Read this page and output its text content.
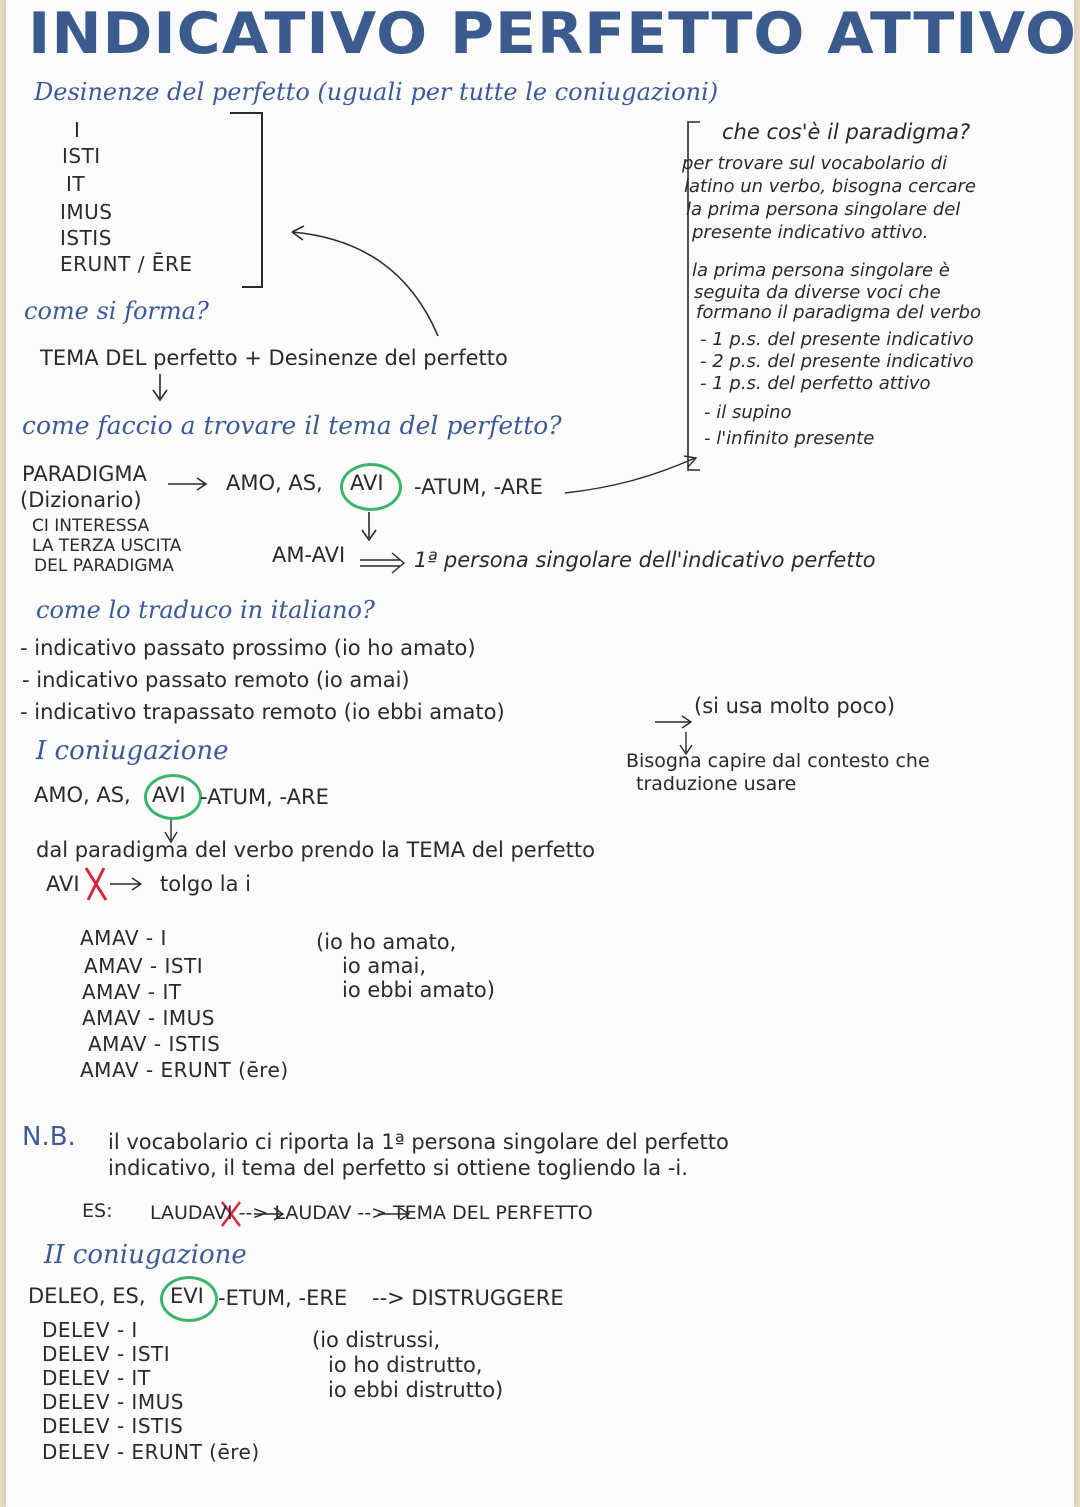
INDICATIVO PERFETTO ATTIVO
Desinenze del perfetto (uguali per tutte le coniugazioni)
I
ISTI
IT
IMUS
ISTIS
ERUNT / ĒRE
come si forma?
TEMA DEL perfetto + Desinenze del perfetto
come faccio a trovare il tema del perfetto?
PARADIGMA
(Dizionario)
AMO, AS, AVI -ATUM, -ARE
CI INTERESSA
LA TERZA USCITA
DEL PARADIGMA	AM-AVI	1ª persona singolare dell'indicativo perfetto
che cos'è il paradigma?
per trovare sul vocabolario di
latino un verbo, bisogna cercare
la prima persona singolare del
presente indicativo attivo.
la prima persona singolare è
seguita da diverse voci che
formano il paradigma del verbo
- 1 p.s. del presente indicativo
- 2 p.s. del presente indicativo
- 1 p.s. del perfetto attivo
- il supino
- l'infinito presente
come lo traduco in italiano?
- indicativo passato prossimo (io ho amato)
- indicativo passato remoto (io amai)
- indicativo trapassato remoto (io ebbi amato)	(si usa molto poco)
Bisogna capire dal contesto che
traduzione usare
I coniugazione
AMO, AS, AVI -ATUM, -ARE
dal paradigma del verbo prendo la TEMA del perfetto
AVI	tolgo la i
AMAV - I
AMAV - ISTI
AMAV - IT
AMAV - IMUS
AMAV - ISTIS
AMAV - ERUNT (ēre)
(io ho amato,
io amai,
io ebbi amato)
N.B. il vocabolario ci riporta la 1ª persona singolare del perfetto
indicativo, il tema del perfetto si ottiene togliendo la -i.
ES: LAUDAVI --> LAUDAV --> TEMA DEL PERFETTO
II coniugazione
DELEO, ES, EVI -ETUM, -ERE --> DISTRUGGERE
DELEV - I
DELEV - ISTI
DELEV - IT
DELEV - IMUS
DELEV - ISTIS
DELEV - ERUNT (ēre)
(io distrussi,
io ho distrutto,
io ebbi distrutto)
